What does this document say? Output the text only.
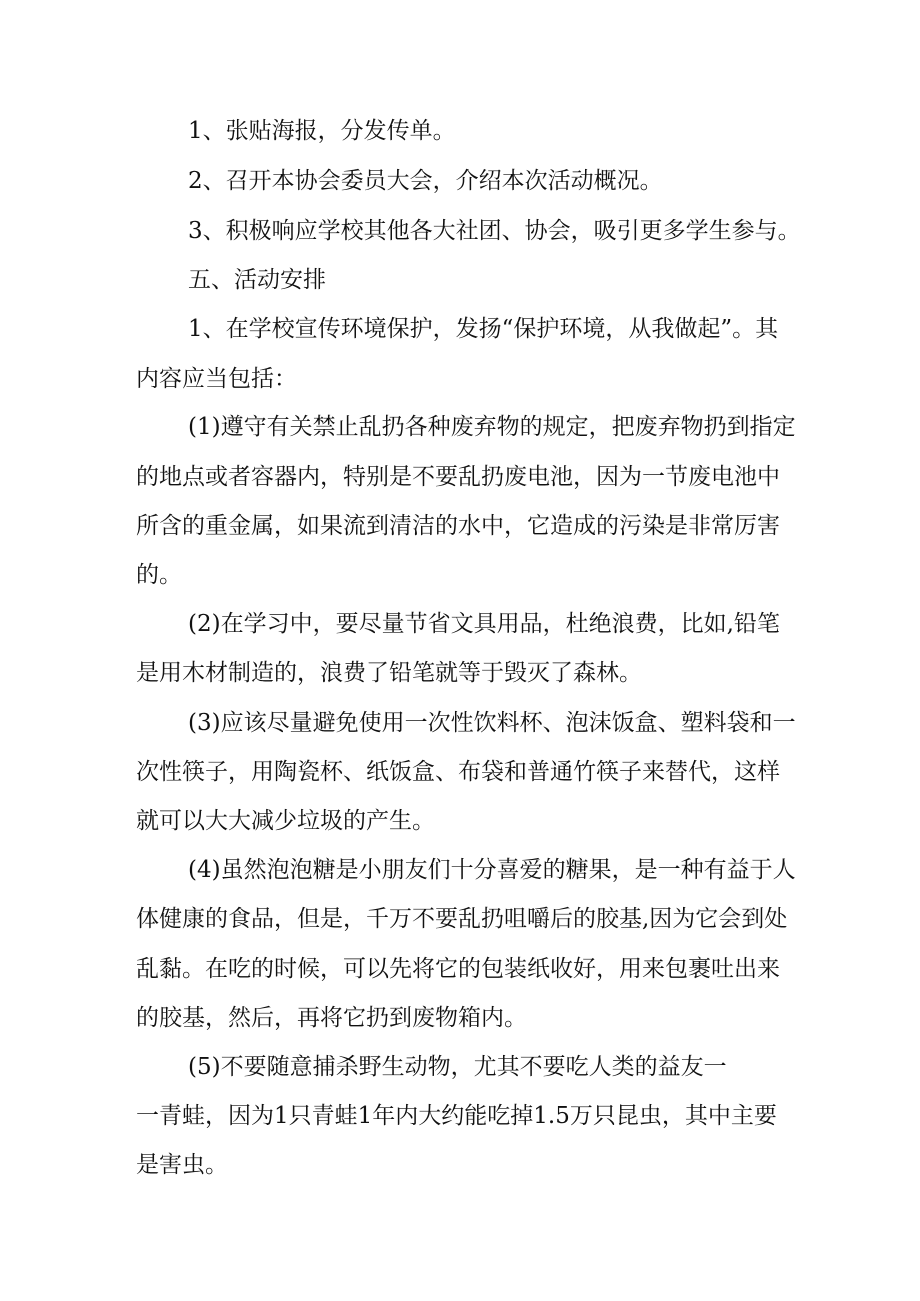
1、张贴海报，分发传单。
2、召开本协会委员大会，介绍本次活动概况。
3、积极响应学校其他各大社团、协会，吸引更多学生参与。
五、活动安排
1、在学校宣传环境保护，发扬“保护环境，从我做起”。其
内容应当包括：
(1)遵守有关禁止乱扔各种废弃物的规定，把废弃物扔到指定
的地点或者容器内，特别是不要乱扔废电池，因为一节废电池中
所含的重金属，如果流到清洁的水中，它造成的污染是非常厉害
的。
(2)在学习中，要尽量节省文具用品，杜绝浪费，比如,铅笔
是用木材制造的，浪费了铅笔就等于毁灭了森林。
(3)应该尽量避免使用一次性饮料杯、泡沫饭盒、塑料袋和一
次性筷子，用陶瓷杯、纸饭盒、布袋和普通竹筷子来替代，这样
就可以大大减少垃圾的产生。
(4)虽然泡泡糖是小朋友们十分喜爱的糖果，是一种有益于人
体健康的食品，但是，千万不要乱扔咀嚼后的胶基,因为它会到处
乱黏。在吃的时候，可以先将它的包装纸收好，用来包裹吐出来
的胶基，然后，再将它扔到废物箱内。
(5)不要随意捕杀野生动物，尤其不要吃人类的益友一
一青蛙，因为1只青蛙1年内大约能吃掉1.5万只昆虫，其中主要
是害虫。
